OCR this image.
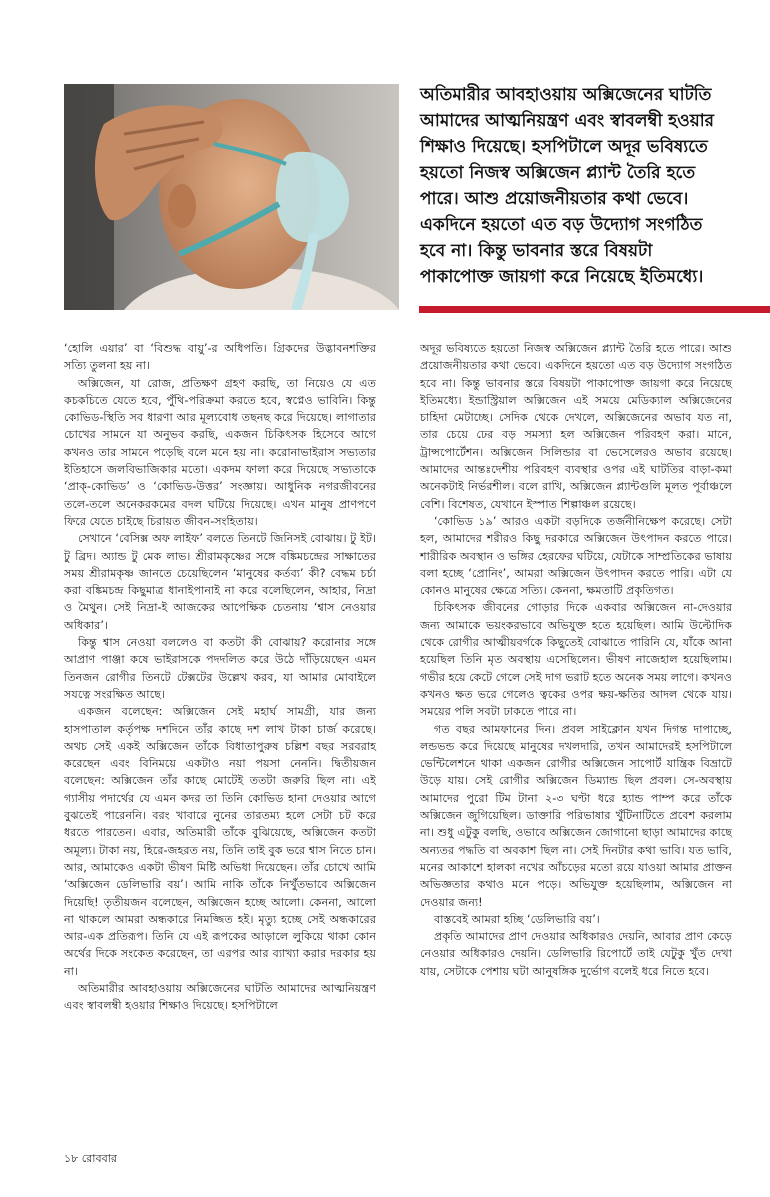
অতিমারীর আবহাওয়ায় অক্সিজেনের ঘাটতি আমাদের আত্মনিয়ন্ত্রণ এবং স্বাবলম্বী হওয়ার শিক্ষাও দিয়েছে। হসপিটালে অদূর ভবিষ্যতে হয়তো নিজস্ব অক্সিজেন প্ল্যান্ট তৈরি হতে পারে। আশু প্রয়োজনীয়তার কথা ভেবে। একদিনে হয়তো এত বড় উদ্যোগ সংগঠিত হবে না। কিন্তু ভাবনার স্তরে বিষয়টা পাকাপোক্ত জায়গা করে নিয়েছে ইতিমধ্যে।

‘হোলি এয়ার’ বা ‘বিশুদ্ধ বায়ু’-র অধিপতি। গ্রিকদের উদ্ভাবনশক্তির সত্যি তুলনা হয় না।

অক্সিজেন, যা রোজ, প্রতিক্ষণ গ্রহণ করছি, তা নিয়েও যে এত কচকচিতে যেতে হবে, পুঁথি-পরিক্রমা করতে হবে, স্বপ্নেও ভাবিনি। কিন্তু কোভিড-স্থিতি সব ধারণা আর মূল্যবোধ তছনছ করে দিয়েছে। লাগাতার চোখের সামনে যা অনুভব করছি, একজন চিকিৎসক হিসেবে আগে কখনও তার সামনে পড়েছি বলে মনে হয় না। করোনাভাইরাস সভ্যতার ইতিহাসে জলবিভাজিকার মতো। একদম ফালা করে দিয়েছে সভ্যতাকে ‘প্রাক্-কোভিড’ ও ‘কোভিড-উত্তর’ সংজ্ঞায়। আধুনিক নগরজীবনের তলে-তলে অনেকরকমের বদল ঘটিয়ে দিয়েছে। এখন মানুষ প্রাণপণে ফিরে যেতে চাইছে চিরায়ত জীবন-সংহিতায়।

সেখানে ‘বেসিক্স অফ লাইফ’ বলতে তিনটে জিনিসই বোঝায়। টু ইট। টু ব্রিদ। অ্যান্ড টু মেক লাভ। শ্রীরামকৃষ্ণের সঙ্গে বঙ্কিমচন্দ্রের সাক্ষাতের সময় শ্রীরামকৃষ্ণ জানতে চেয়েছিলেন ‘মানুষের কর্তব্য’ কী? বেদ্ধম চর্চা করা বঙ্কিমচন্দ্র কিছুমাত্র ধানাইপানাই না করে বলেছিলেন, আহার, নিদ্রা ও মৈথুন। সেই নিদ্রা-ই আজকের আপেক্ষিক চেতনায় ‘শ্বাস নেওয়ার অধিকার’।

কিন্তু শ্বাস নেওয়া বললেও বা কতটা কী বোঝায়? করোনার সঙ্গে আপ্রাণ পাঞ্জা কষে ভাইরাসকে পদদলিত করে উঠে দাঁড়িয়েছেন এমন তিনজন রোগীর তিনটে টেক্সটের উল্লেখ করব, যা আমার মোবাইলে সযত্নে সংরক্ষিত আছে।

একজন বলেছেন: অক্সিজেন সেই মহার্ঘ সামগ্রী, যার জন্য হাসপাতাল কর্তৃপক্ষ দশদিনে তাঁর কাছে দশ লাখ টাকা চার্জ করেছে। অথচ সেই একই অক্সিজেন তাঁকে বিধাতাপুরুষ চল্লিশ বছর সরবরাহ করেছেন এবং বিনিময়ে একটাও নয়া পয়সা নেননি। দ্বিতীয়জন বলেছেন: অক্সিজেন তাঁর কাছে মোটেই ততটা জরুরি ছিল না। এই গ্যাসীয় পদার্থের যে এমন কদর তা তিনি কোভিড হানা দেওয়ার আগে বুঝতেই পারেননি। বরং খাবারে নুনের তারতম্য হলে সেটা চট করে ধরতে পারতেন। এবার, অতিমারী তাঁকে বুঝিয়েছে, অক্সিজেন কতটা অমূল্য। টাকা নয়, হিরে-জহরত নয়, তিনি তাই বুক ভরে শ্বাস নিতে চান। আর, আমাকেও একটা ভীষণ মিষ্টি অভিধা দিয়েছেন। তাঁর চোখে আমি ‘অক্সিজেন ডেলিভারি বয়’। আমি নাকি তাঁকে নির্খুঁতভাবে অক্সিজেন দিয়েছি! তৃতীয়জন বলেছেন, অক্সিজেন হচ্ছে আলো। কেননা, আলো না থাকলে আমরা অন্ধকারে নিমজ্জিত হই। মৃত্যু হচ্ছে সেই অন্ধকারের আর-এক প্রতিরূপ। তিনি যে এই রূপকের আড়ালে লুকিয়ে থাকা কোন অর্থের দিকে সংকেত করেছেন, তা এরপর আর ব্যাখ্যা করার দরকার হয় না।

অতিমারীর আবহাওয়ায় অক্সিজেনের ঘাটতি আমাদের আত্মনিয়ন্ত্রণ এবং স্বাবলম্বী হওয়ার শিক্ষাও দিয়েছে। হসপিটালে

অদূর ভবিষ্যতে হয়তো নিজস্ব অক্সিজেন প্ল্যান্ট তৈরি হতে পারে। আশু প্রয়োজনীয়তার কথা ভেবে। একদিনে হয়তো এত বড় উদ্যোগ সংগঠিত হবে না। কিন্তু ভাবনার স্তরে বিষয়টা পাকাপোক্ত জায়গা করে নিয়েছে ইতিমধ্যে। ইন্ডাস্ট্রিয়াল অক্সিজেন এই সময়ে মেডিক্যাল অক্সিজেনের চাহিদা মেটাচ্ছে। সেদিক থেকে দেখলে, অক্সিজেনের অভাব যত না, তার চেয়ে ঢের বড় সমস্যা হল অক্সিজেন পরিবহণ করা। মানে, ট্রান্সপোর্টেশন। অক্সিজেন সিলিন্ডার বা ভেসেলেরও অভাব রয়েছে। আমাদের আন্তঃদেশীয় পরিবহণ ব্যবস্থার ওপর এই ঘাটতির বাড়া-কমা অনেকটাই নির্ভরশীল। বলে রাখি, অক্সিজেন প্ল্যান্টগুলি মূলত পূর্বাঞ্চলে বেশি। বিশেষত, যেখানে ইস্পাত শিল্পাঞ্চল রয়েছে।

‘কোভিড ১৯’ আরও একটা বড়দিকে তর্জনীনিক্ষেপ করেছে। সেটা হল, আমাদের শরীরও কিছু দরকারে অক্সিজেন উৎপাদন করতে পারে। শারীরিক অবস্থান ও ভঙ্গির হেরফের ঘটিয়ে, যেটাকে সাম্প্রতিকের ভাষায় বলা হচ্ছে ‘প্রোনিং’, আমরা অক্সিজেন উৎপাদন করতে পারি। এটা যে কোনও মানুষের ক্ষেত্রে সত্যি। কেননা, ক্ষমতাটি প্রকৃতিগত।

চিকিৎসক জীবনের গোড়ার দিকে একবার অক্সিজেন না-দেওয়ার জন্য আমাকে ভয়ংকরভাবে অভিযুক্ত হতে হয়েছিল। আমি উল্টোদিক থেকে রোগীর আত্মীয়বর্গকে কিছুতেই বোঝাতে পারিনি যে, যাঁকে আনা হয়েছিল তিনি মৃত অবস্থায় এসেছিলেন। ভীষণ নাজেহাল হয়েছিলাম। গভীর হয়ে কেটে গেলে সেই দাগ ভরাট হতে অনেক সময় লাগে। কখনও কখনও ক্ষত ভরে গেলেও ত্বকের ওপর ক্ষয়-ক্ষতির আদল থেকে যায়। সময়ের পলি সবটা ঢাকতে পারে না।

গত বছর আমফানের দিন। প্রবল সাইক্লোন যখন দিগন্ত দাপাচ্ছে, লন্ডভন্ড করে দিয়েছে মানুষের দখলদারি, তখন আমাদেরই হসপিটালে ভেন্টিলেশনে থাকা একজন রোগীর অক্সিজেন সাপোর্ট যান্ত্রিক বিভ্রাটে উড়ে যায়। সেই রোগীর অক্সিজেন ডিম্যান্ড ছিল প্রবল। সে-অবস্থায় আমাদের পুরো টিম টানা ২-৩ ঘণ্টা ধরে হ্যান্ড পাম্প করে তাঁকে অক্সিজেন জুগিয়েছিল। ডাক্তারি পরিভাষার খুঁটিনাটিতে প্রবেশ করলাম না। শুধু এটুকু বলছি, ওভাবে অক্সিজেন জোগানো ছাড়া আমাদের কাছে অন্যতর পদ্ধতি বা অবকাশ ছিল না। সেই দিনটার কথা ভাবি। যত ভাবি, মনের আকাশে হালকা নখের আঁচড়ের মতো রয়ে যাওয়া আমার প্রাক্তন অভিজ্ঞতার কথাও মনে পড়ে। অভিযুক্ত হয়েছিলাম, অক্সিজেন না দেওয়ার জন্য!

বাস্তবেই আমরা হচ্ছি ‘ডেলিভারি বয়’।

প্রকৃতি আমাদের প্রাণ দেওয়ার অধিকারও দেয়নি, আবার প্রাণ কেড়ে নেওয়ার অধিকারও দেয়নি। ডেলিভারি রিপোর্টে তাই যেটুকু খুঁত দেখা যায়, সেটাকে পেশায় ঘটা আনুষঙ্গিক দুর্ভোগ বলেই ধরে নিতে হবে।

১৮ রোববার
